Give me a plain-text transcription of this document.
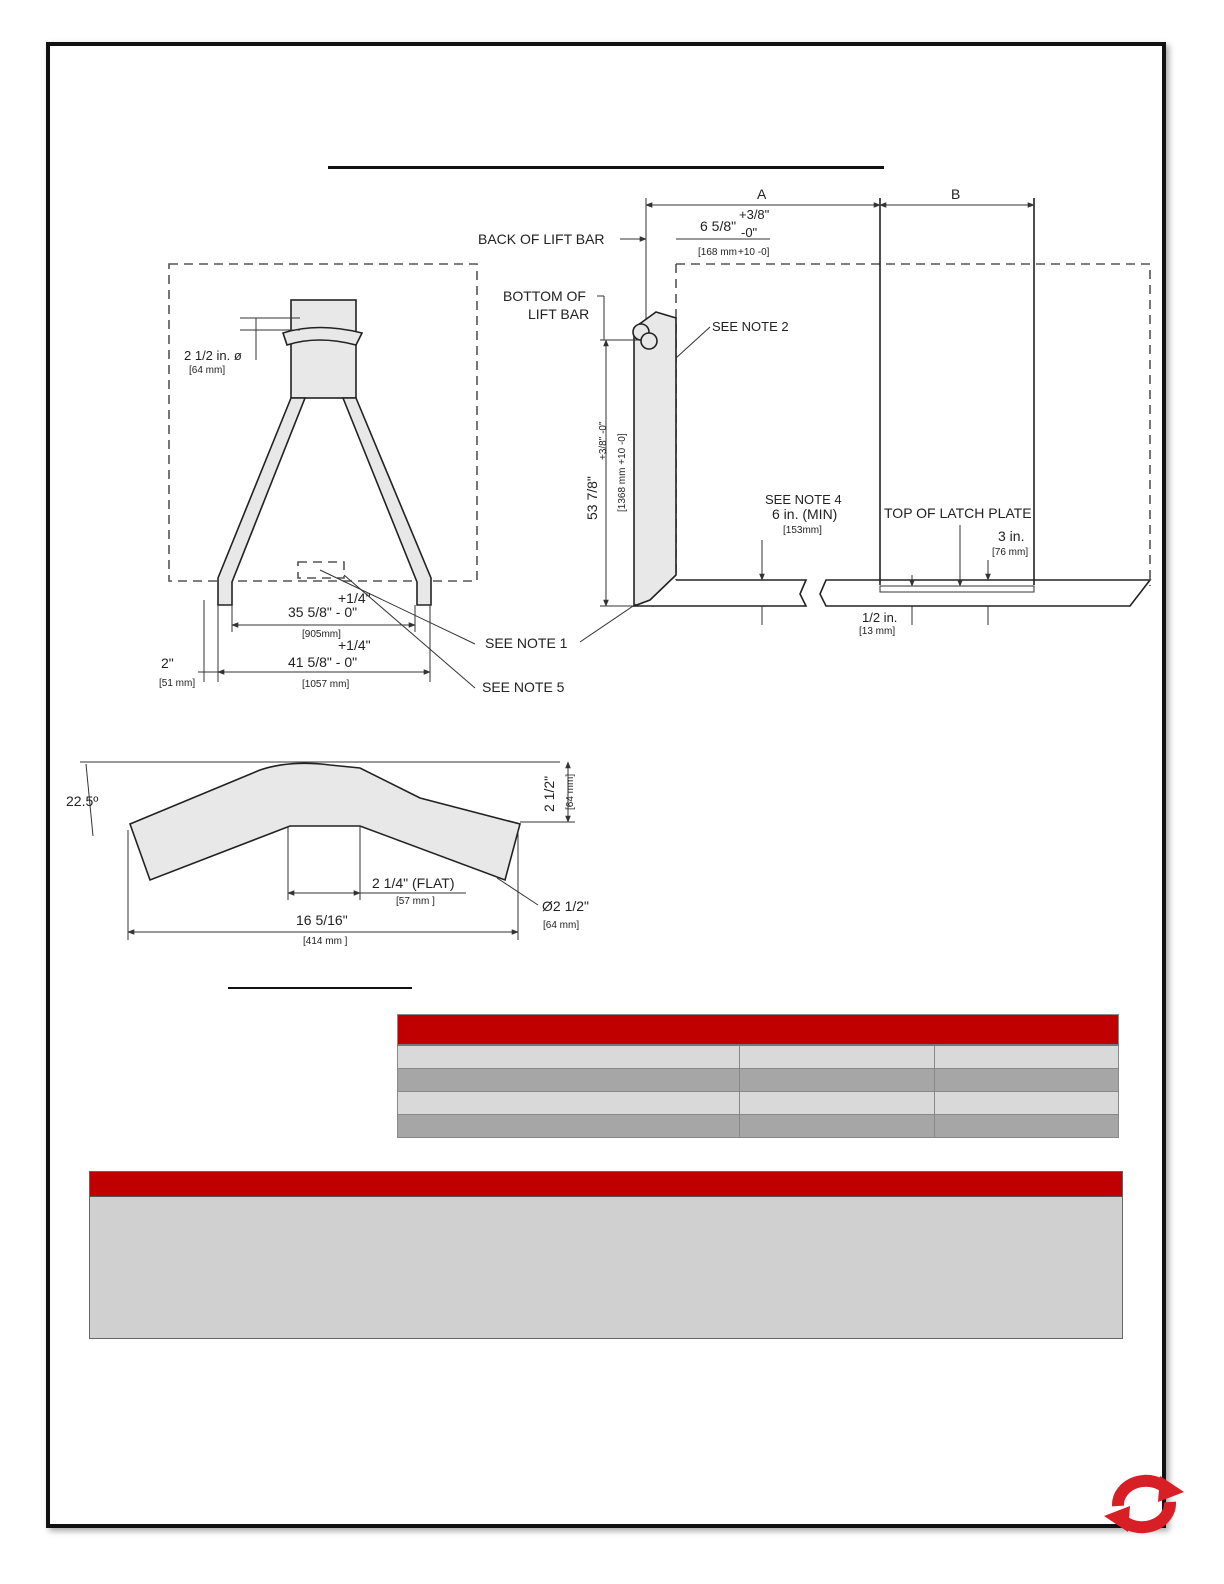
2 1/2 in. ø
[64 mm]
+1/4"
35 5/8" - 0"
[905mm]
+1/4"
41 5/8" - 0"
[1057 mm]
2"
[51 mm]
SEE NOTE 1
SEE NOTE 5
A	B
BACK OF LIFT BAR
6 5/8"
+3/8"
-0"
[168 mm +10 -0]
BOTTOM OF
LIFT BAR
SEE NOTE 2
53 7/8"
+3/8" -0" [1368 mm +10 -0]	SEE NOTE 4
6 in. (MIN)
[153mm]
TOP OF LATCH PLATE
3 in.
[76 mm]
1/2 in.
[13 mm]
22.5º	2 1/2" [64 mm]
2 1/4" (FLAT)
[57 mm ]
16 5/16"
[414 mm ]
Ø2 1/2"
[64 mm]
